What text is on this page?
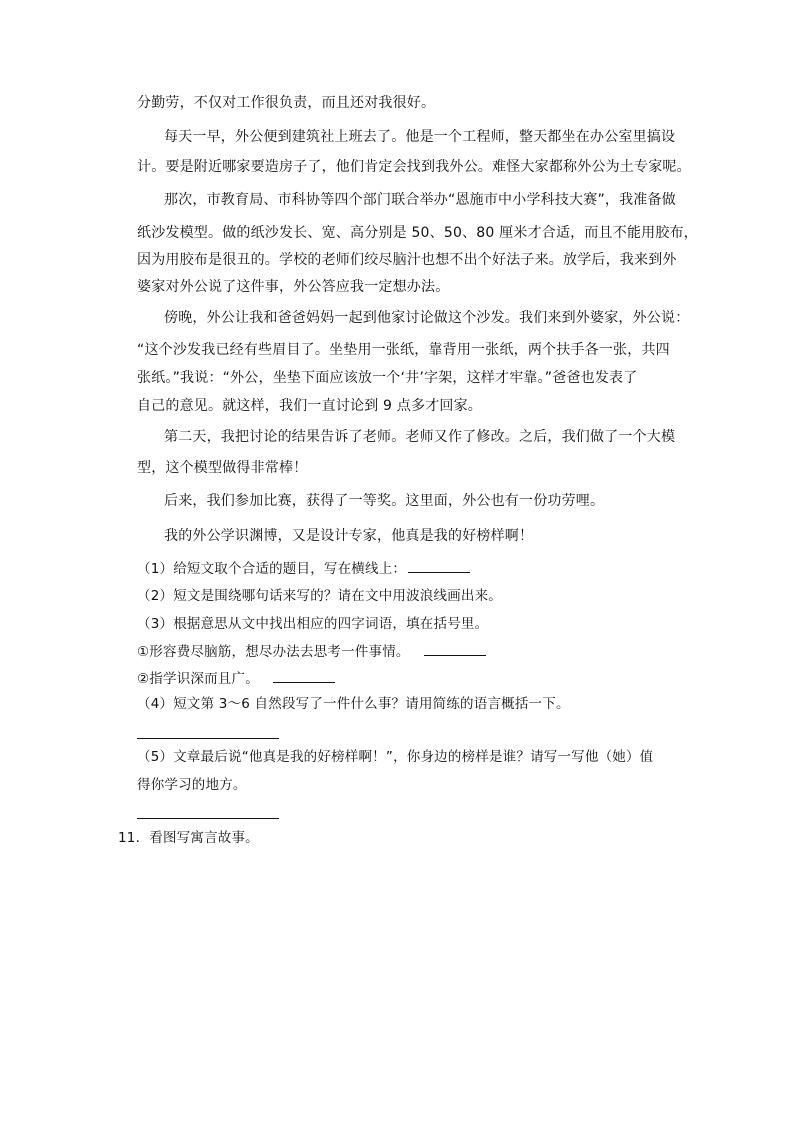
分勤劳，不仅对工作很负责，而且还对我很好。
每天一早，外公便到建筑社上班去了。他是一个工程师，整天都坐在办公室里搞设
计。要是附近哪家要造房子了，他们肯定会找到我外公。难怪大家都称外公为土专家呢。
那次，市教育局、市科协等四个部门联合举办“恩施市中小学科技大赛”，我准备做
纸沙发模型。做的纸沙发长、宽、高分别是 50、50、80 厘米才合适，而且不能用胶布，
因为用胶布是很丑的。学校的老师们绞尽脑汁也想不出个好法子来。放学后，我来到外
婆家对外公说了这件事，外公答应我一定想办法。
傍晚，外公让我和爸爸妈妈一起到他家讨论做这个沙发。我们来到外婆家，外公说：
“这个沙发我已经有些眉目了。坐垫用一张纸，靠背用一张纸，两个扶手各一张，共四
张纸。”我说：“外公，坐垫下面应该放一个‘井’字架，这样才牢靠。”爸爸也发表了
自己的意见。就这样，我们一直讨论到 9 点多才回家。
第二天，我把讨论的结果告诉了老师。老师又作了修改。之后，我们做了一个大模
型，这个模型做得非常棒！
后来，我们参加比赛，获得了一等奖。这里面，外公也有一份功劳哩。
我的外公学识渊博，又是设计专家，他真是我的好榜样啊！
（1）给短文取个合适的题目，写在横线上：
（2）短文是围绕哪句话来写的？请在文中用波浪线画出来。
（3）根据意思从文中找出相应的四字词语，填在括号里。
①形容费尽脑筋，想尽办法去思考一件事情。
②指学识深而且广。
（4）短文第 3～6 自然段写了一件什么事？请用简练的语言概括一下。
（5）文章最后说“他真是我的好榜样啊！”，你身边的榜样是谁？请写一写他（她）值
得你学习的地方。
11．看图写寓言故事。
